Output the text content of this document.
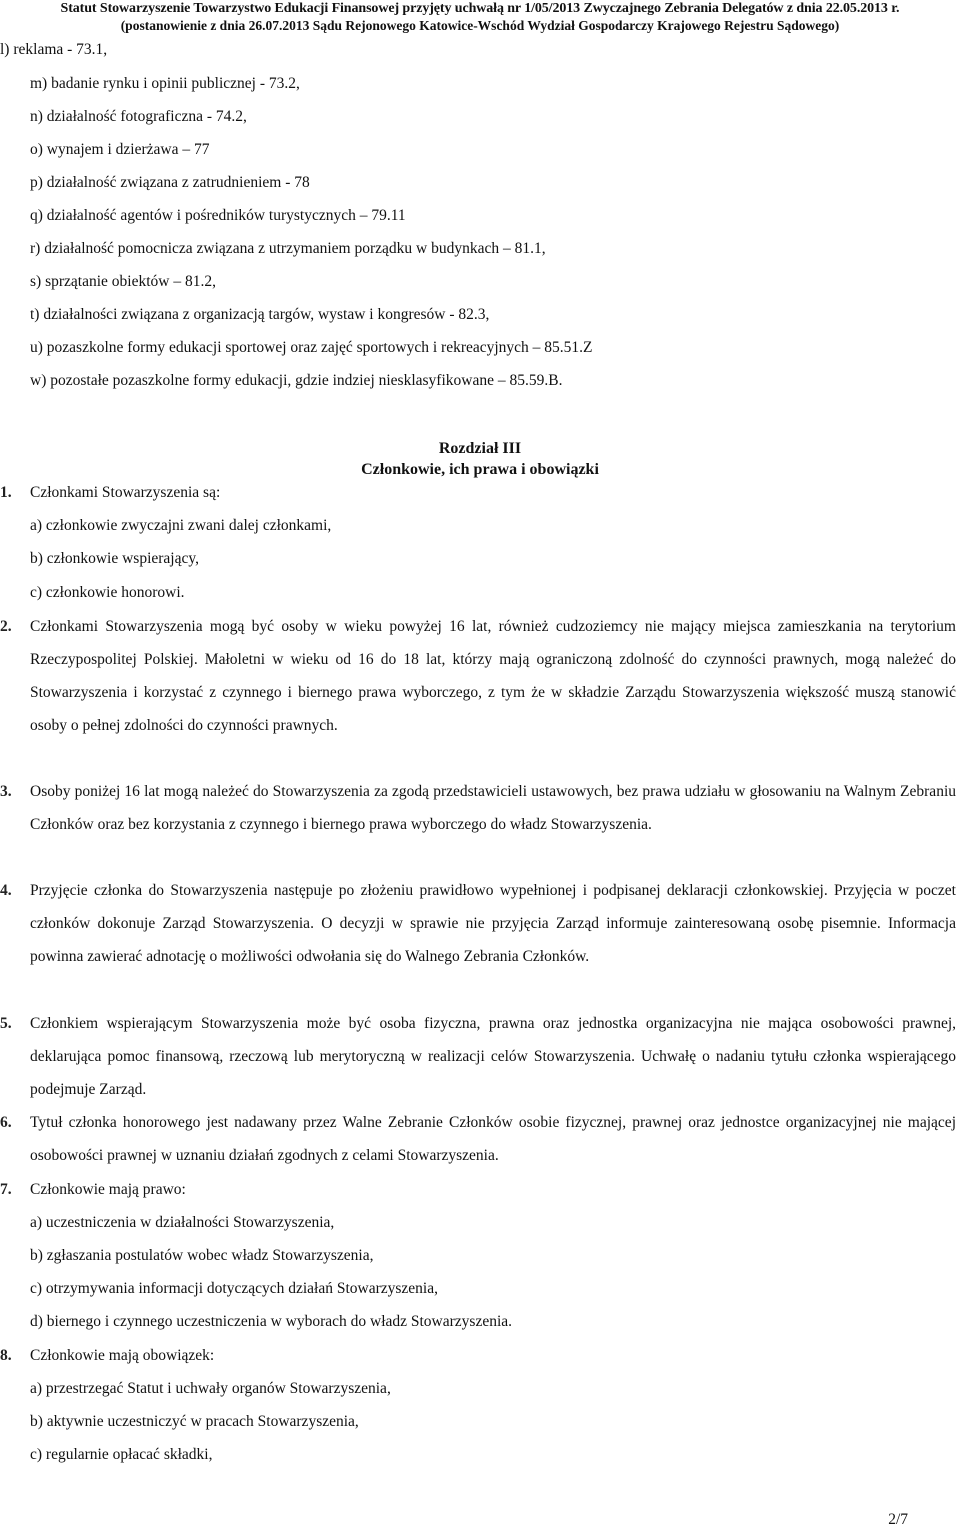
Statut Stowarzyszenie Towarzystwo Edukacji Finansowej przyjęty uchwałą nr 1/05/2013 Zwyczajnego Zebrania Delegatów z dnia 22.05.2013 r.
(postanowienie z dnia 26.07.2013 Sądu Rejonowego Katowice-Wschód Wydział Gospodarczy Krajowego Rejestru Sądowego)
l) reklama - 73.1,
m) badanie rynku i opinii publicznej - 73.2,
n) działalność fotograficzna - 74.2,
o) wynajem i dzierżawa – 77
p) działalność związana z zatrudnieniem - 78
q) działalność agentów i pośredników turystycznych – 79.11
r) działalność pomocnicza związana z utrzymaniem porządku w budynkach – 81.1,
s) sprzątanie obiektów – 81.2,
t) działalności związana z organizacją targów, wystaw i kongresów - 82.3,
u) pozaszkolne formy edukacji sportowej oraz zajęć sportowych i rekreacyjnych – 85.51.Z
w) pozostałe pozaszkolne formy edukacji, gdzie indziej niesklasyfikowane – 85.59.B.
Rozdział III
Członkowie, ich prawa i obowiązki
1. Członkami Stowarzyszenia są:
a) członkowie zwyczajni zwani dalej członkami,
b) członkowie wspierający,
c) członkowie honorowi.
2. Członkami Stowarzyszenia mogą być osoby w wieku powyżej 16 lat, również cudzoziemcy nie mający miejsca zamieszkania na terytorium Rzeczypospolitej Polskiej. Małoletni w wieku od 16 do 18 lat, którzy mają ograniczoną zdolność do czynności prawnych, mogą należeć do Stowarzyszenia i korzystać z czynnego i biernego prawa wyborczego, z tym że w składzie Zarządu Stowarzyszenia większość muszą stanowić osoby o pełnej zdolności do czynności prawnych.
3. Osoby poniżej 16 lat mogą należeć do Stowarzyszenia za zgodą przedstawicieli ustawowych, bez prawa udziału w głosowaniu na Walnym Zebraniu Członków oraz bez korzystania z czynnego i biernego prawa wyborczego do władz Stowarzyszenia.
4. Przyjęcie członka do Stowarzyszenia następuje po złożeniu prawidłowo wypełnionej i podpisanej deklaracji członkowskiej. Przyjęcia w poczet członków dokonuje Zarząd Stowarzyszenia. O decyzji w sprawie nie przyjęcia Zarząd informuje zainteresowaną osobę pisemnie. Informacja powinna zawierać adnotację o możliwości odwołania się do Walnego Zebrania Członków.
5. Członkiem wspierającym Stowarzyszenia może być osoba fizyczna, prawna oraz jednostka organizacyjna nie mająca osobowości prawnej, deklarująca pomoc finansową, rzeczową lub merytoryczną w realizacji celów Stowarzyszenia. Uchwałę o nadaniu tytułu członka wspierającego podejmuje Zarząd.
6. Tytuł członka honorowego jest nadawany przez Walne Zebranie Członków osobie fizycznej, prawnej oraz jednostce organizacyjnej nie mającej osobowości prawnej w uznaniu działań zgodnych z celami Stowarzyszenia.
7. Członkowie mają prawo:
a) uczestniczenia w działalności Stowarzyszenia,
b) zgłaszania postulatów wobec władz Stowarzyszenia,
c) otrzymywania informacji dotyczących działań Stowarzyszenia,
d) biernego i czynnego uczestniczenia w wyborach do władz Stowarzyszenia.
8. Członkowie mają obowiązek:
a) przestrzegać Statut i uchwały organów Stowarzyszenia,
b) aktywnie uczestniczyć w pracach Stowarzyszenia,
c) regularnie opłacać składki,
2/7
